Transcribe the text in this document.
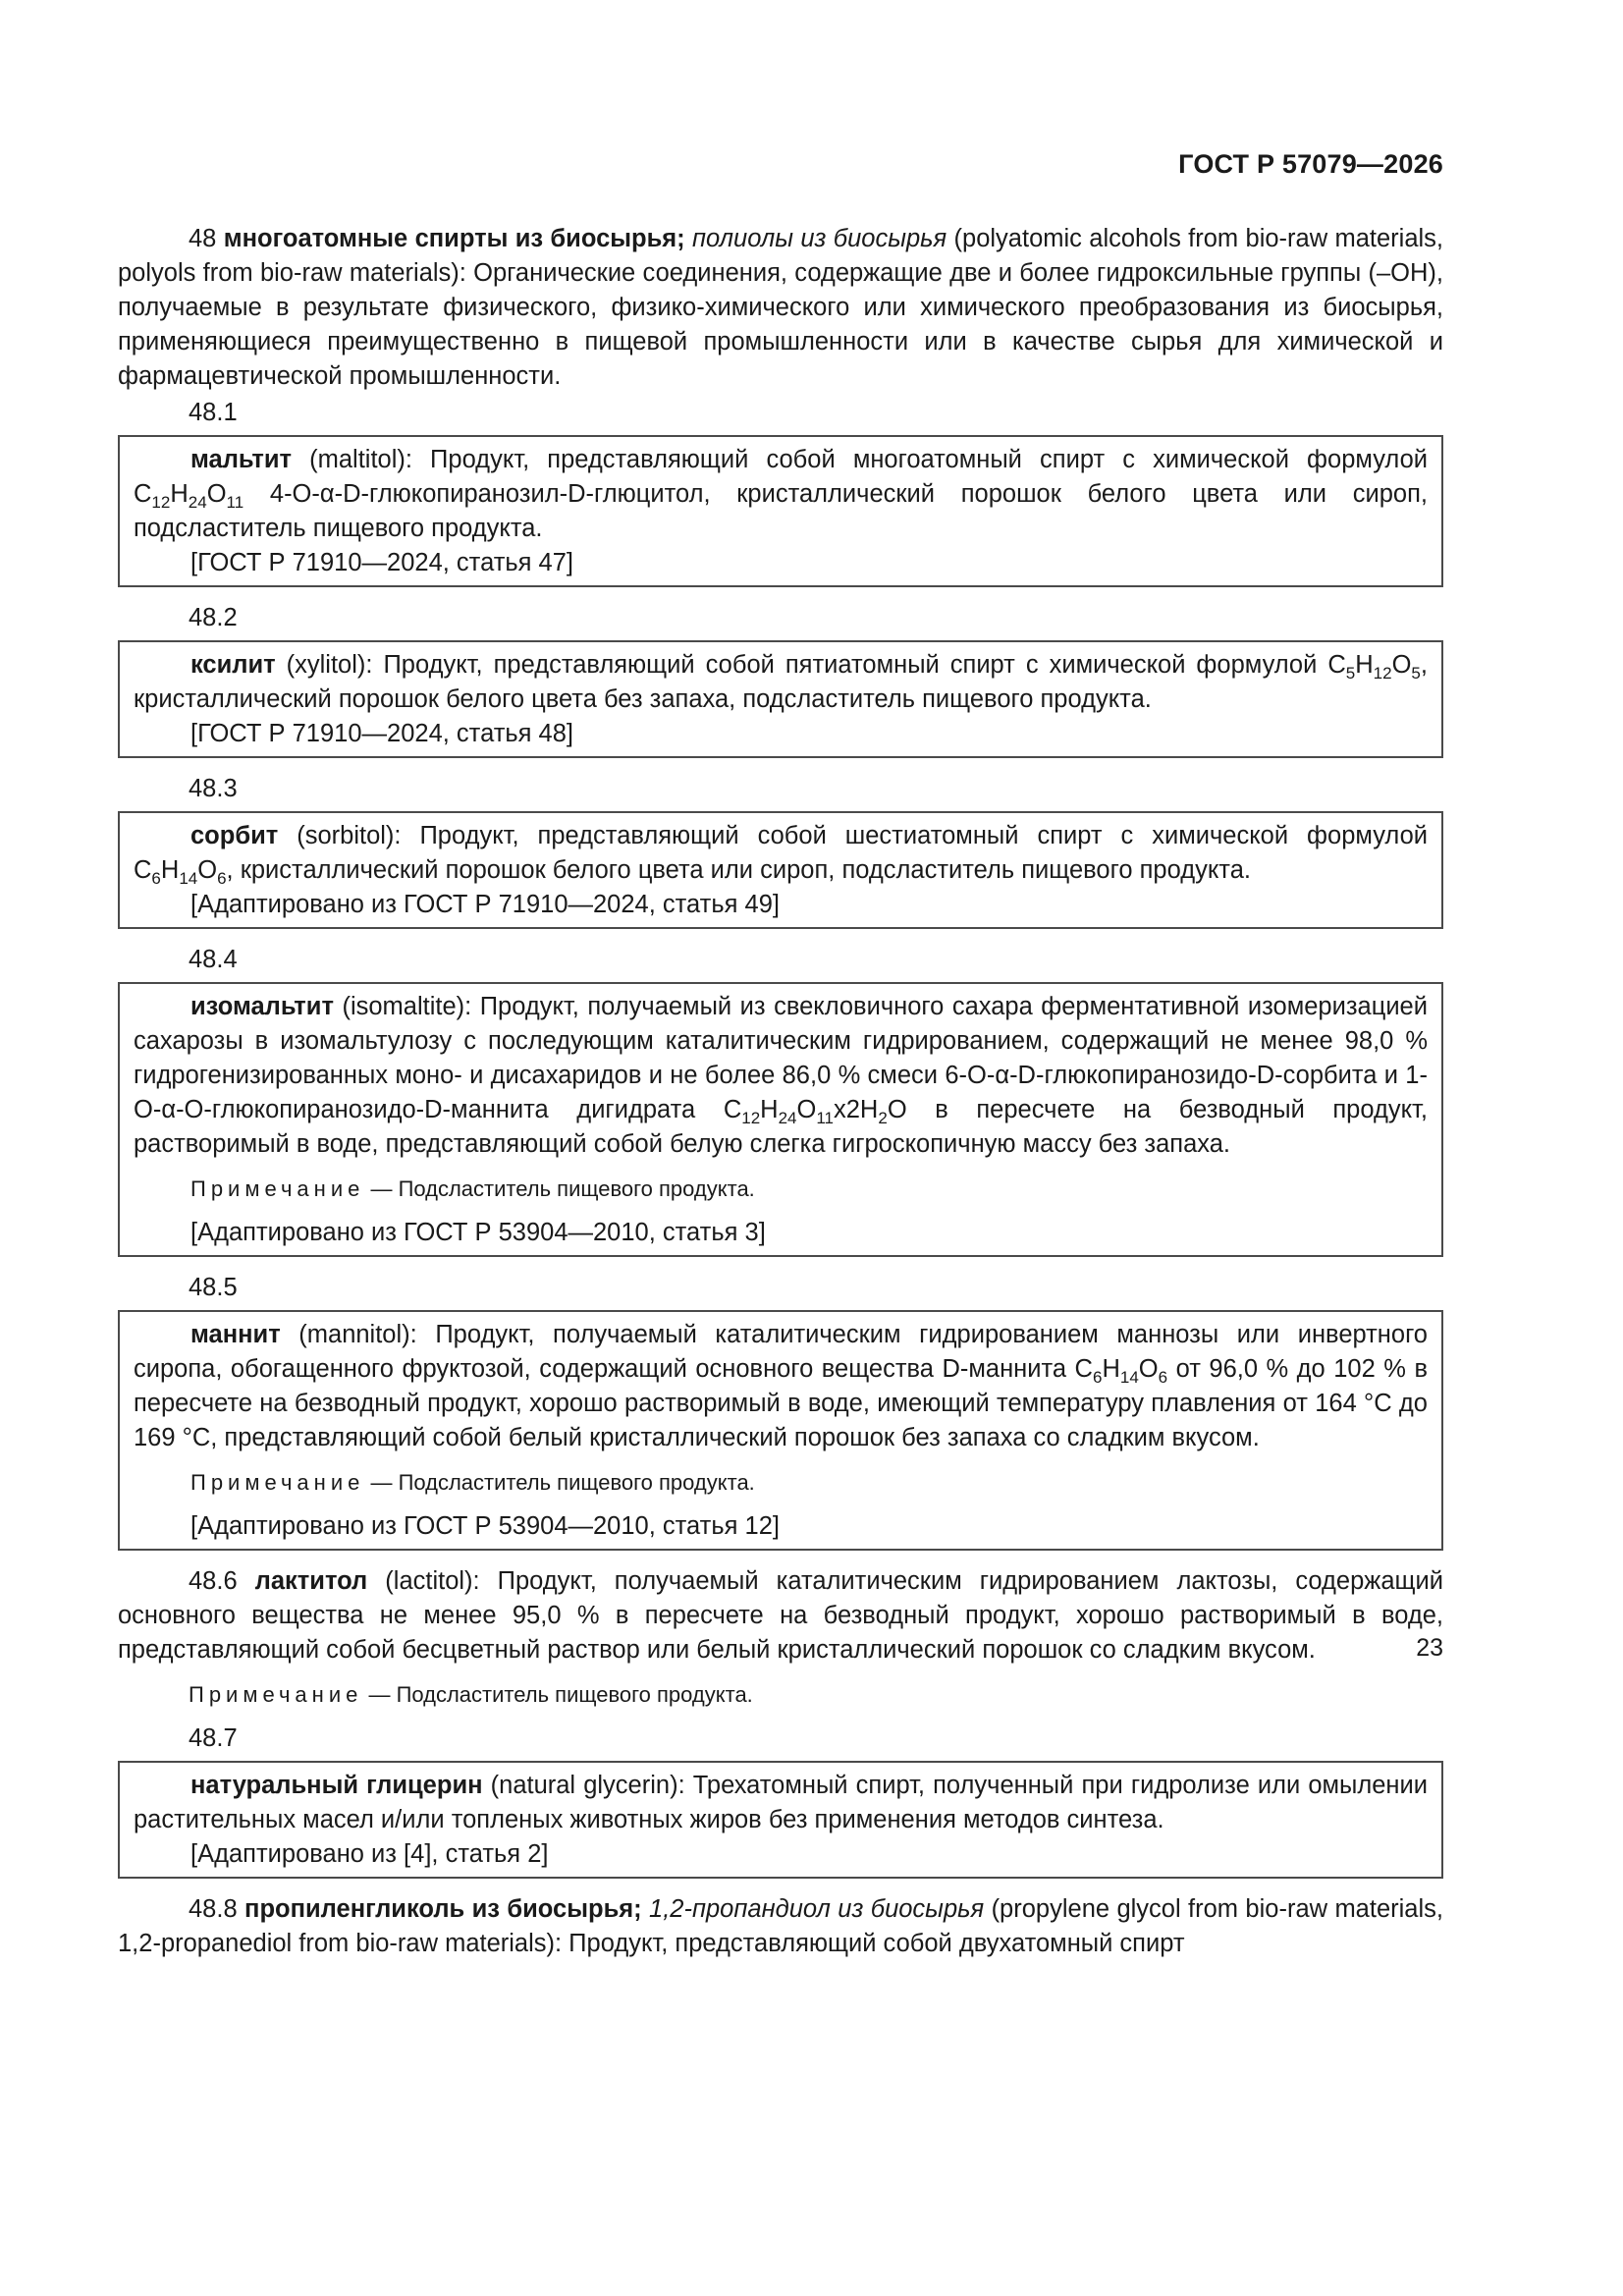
ГОСТ Р 57079—2026

48 многоатомные спирты из биосырья; полиолы из биосырья (polyatomic alcohols from bio-raw materials, polyols from bio-raw materials): Органические соединения, содержащие две и более гидроксильные группы (–OH), получаемые в результате физического, физико-химического или химического преобразования из биосырья, применяющиеся преимущественно в пищевой промышленности или в качестве сырья для химической и фармацевтической промышленности.

48.1

мальтит (maltitol): Продукт, представляющий собой многоатомный спирт с химической формулой $C_{12}H_{24}O_{11}$ 4-O-α-D-глюкопиранозил-D-глюцитол, кристаллический порошок белого цвета или сироп, подсластитель пищевого продукта.

[ГОСТ Р 71910—2024, статья 47]

48.2

ксилит (xylitol): Продукт, представляющий собой пятиатомный спирт с химической формулой $C_5H_{12}O_5$, кристаллический порошок белого цвета без запаха, подсластитель пищевого продукта.

[ГОСТ Р 71910—2024, статья 48]

48.3

сорбит (sorbitol): Продукт, представляющий собой шестиатомный спирт с химической формулой $C_6H_{14}O_6$, кристаллический порошок белого цвета или сироп, подсластитель пищевого продукта.

[Адаптировано из ГОСТ Р 71910—2024, статья 49]

48.4

изомальтит (isomaltite): Продукт, получаемый из свекловичного сахара ферментативной изомеризацией сахарозы в изомальтулозу с последующим каталитическим гидрированием, содержащий не менее 98,0 % гидрогенизированных моно- и дисахаридов и не более 86,0 % смеси 6-O-α-D-глюкопиранозидо-D-сорбита и 1-O-α-O-глюкопиранозидо-D-маннита дигидрата $C_{12}H_{24}O_{11}x2H_2O$ в пересчете на безводный продукт, растворимый в воде, представляющий собой белую слегка гигроскопичную массу без запаха.

Примечание — Подсластитель пищевого продукта.

[Адаптировано из ГОСТ Р 53904—2010, статья 3]

48.5

маннит (mannitol): Продукт, получаемый каталитическим гидрированием маннозы или инвертного сиропа, обогащенного фруктозой, содержащий основного вещества D-маннита $C_6H_{14}O_6$ от 96,0 % до 102 % в пересчете на безводный продукт, хорошо растворимый в воде, имеющий температуру плавления от 164 °C до 169 °C, представляющий собой белый кристаллический порошок без запаха со сладким вкусом.

Примечание — Подсластитель пищевого продукта.

[Адаптировано из ГОСТ Р 53904—2010, статья 12]

48.6 лактитол (lactitol): Продукт, получаемый каталитическим гидрированием лактозы, содержащий основного вещества не менее 95,0 % в пересчете на безводный продукт, хорошо растворимый в воде, представляющий собой бесцветный раствор или белый кристаллический порошок со сладким вкусом.

Примечание — Подсластитель пищевого продукта.

48.7

натуральный глицерин (natural glycerin): Трехатомный спирт, полученный при гидролизе или омылении растительных масел и/или топленых животных жиров без применения методов синтеза.

[Адаптировано из [4], статья 2]

48.8 пропиленгликоль из биосырья; 1,2-пропандиол из биосырья (propylene glycol from bio-raw materials, 1,2-propanediol from bio-raw materials): Продукт, представляющий собой двухатомный спирт

23
